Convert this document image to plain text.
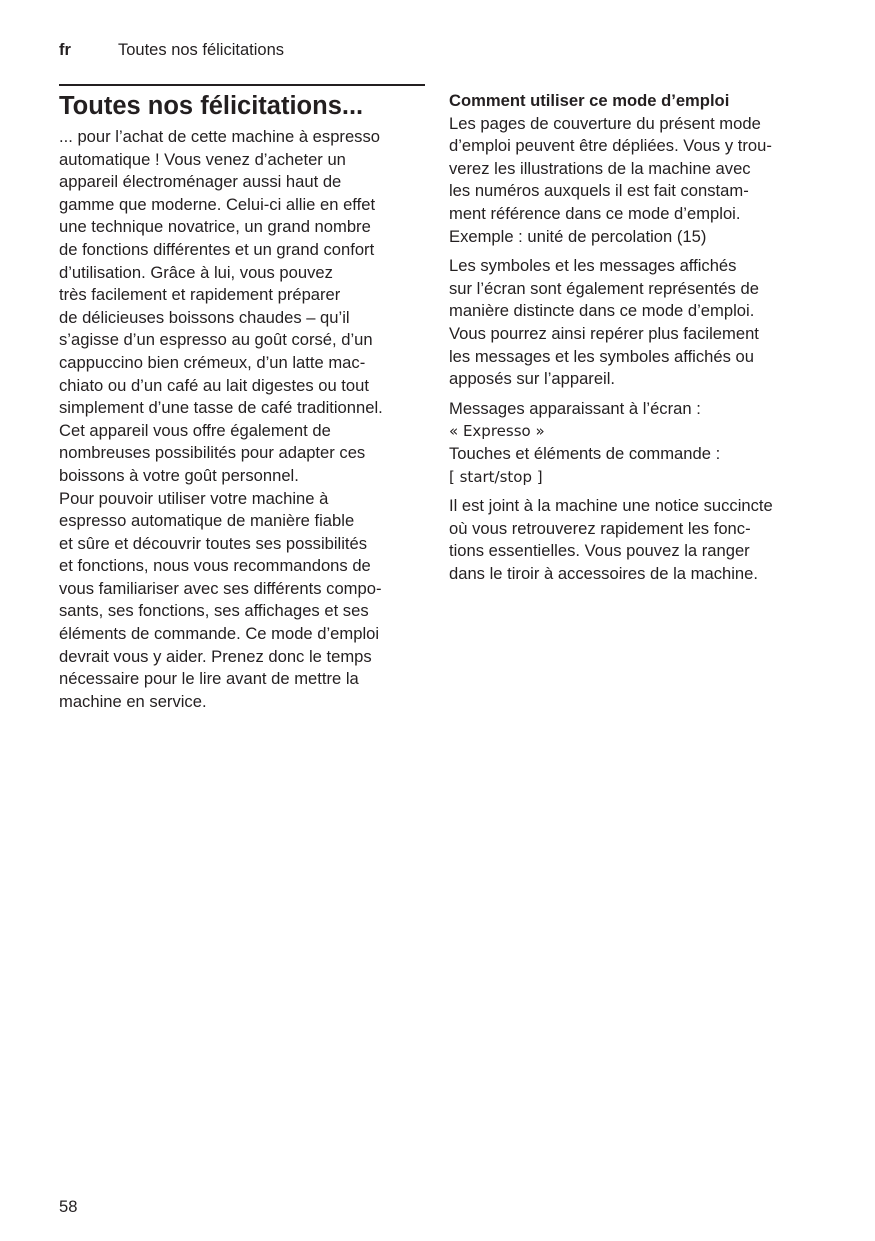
fr	Toutes nos félicitations
Toutes nos félicitations...
... pour l’achat de cette machine à espresso
automatique ! Vous venez d’acheter un
appareil électroménager aussi haut de
gamme que moderne. Celui-ci allie en effet
une technique novatrice, un grand nombre
de fonctions différentes et un grand confort
d’utilisation. Grâce à lui, vous pouvez
très facilement et rapidement préparer
de délicieuses boissons chaudes – qu’il
s’agisse d’un espresso au goût corsé, d’un
cappuccino bien crémeux, d’un latte mac-
chiato ou d’un café au lait digestes ou tout
simplement d’une tasse de café traditionnel.
Cet appareil vous offre également de
nombreuses possibilités pour adapter ces
boissons à votre goût personnel.
Pour pouvoir utiliser votre machine à
espresso automatique de manière fiable
et sûre et découvrir toutes ses possibilités
et fonctions, nous vous recommandons de
vous familiariser avec ses différents compo-
sants, ses fonctions, ses affichages et ses
éléments de commande. Ce mode d’emploi
devrait vous y aider. Prenez donc le temps
nécessaire pour le lire avant de mettre la
machine en service.
Comment utiliser ce mode d’emploi
Les pages de couverture du présent mode
d’emploi peuvent être dépliées. Vous y trou-
verez les illustrations de la machine avec
les numéros auxquels il est fait constam-
ment référence dans ce mode d’emploi.
Exemple : unité de percolation (15)
Les symboles et les messages affichés
sur l’écran sont également représentés de
manière distincte dans ce mode d’emploi.
Vous pourrez ainsi repérer plus facilement
les messages et les symboles affichés ou
apposés sur l’appareil.
Messages apparaissant à l’écran :
« Expresso »
Touches et éléments de commande :
[ start/stop ]
Il est joint à la machine une notice succincte
où vous retrouverez rapidement les fonc-
tions essentielles. Vous pouvez la ranger
dans le tiroir à accessoires de la machine.
58
